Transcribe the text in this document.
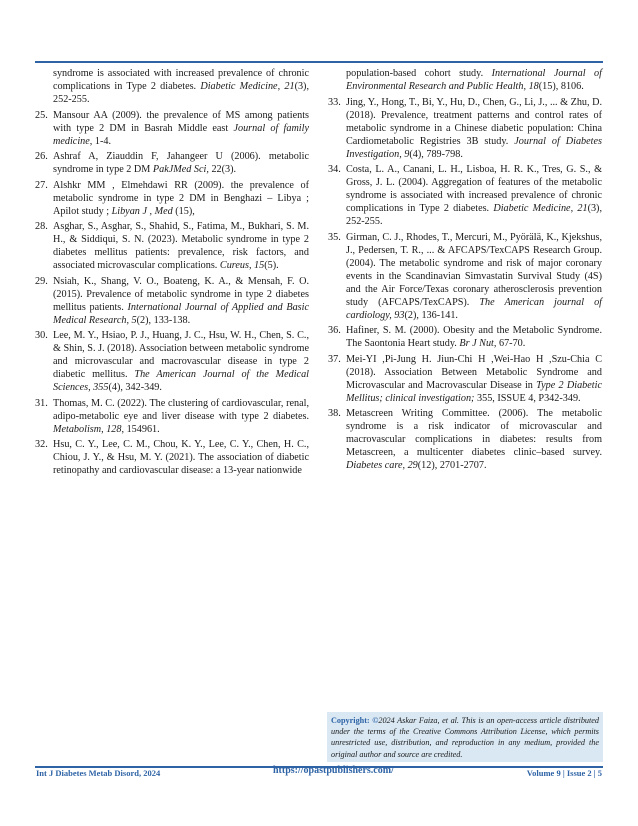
syndrome is associated with increased prevalence of chronic complications in Type 2 diabetes. Diabetic Medicine, 21(3), 252-255.
25. Mansour AA (2009). the prevalence of MS among patients with type 2 DM in Basrah Middle east Journal of family medicine, 1-4.
26. Ashraf A, Ziauddin F, Jahangeer U (2006). metabolic syndrome in type 2 DM PakJMed Sci, 22(3).
27. Alshkr MM , Elmehdawi RR (2009). the prevalence of metabolic syndrome in type 2 DM in Benghazi – Libya ; Apilot study ; Libyan J , Med (15),
28. Asghar, S., Asghar, S., Shahid, S., Fatima, M., Bukhari, S. M. H., & Siddiqui, S. N. (2023). Metabolic syndrome in type 2 diabetes mellitus patients: prevalence, risk factors, and associated microvascular complications. Cureus, 15(5).
29. Nsiah, K., Shang, V. O., Boateng, K. A., & Mensah, F. O. (2015). Prevalence of metabolic syndrome in type 2 diabetes mellitus patients. International Journal of Applied and Basic Medical Research, 5(2), 133-138.
30. Lee, M. Y., Hsiao, P. J., Huang, J. C., Hsu, W. H., Chen, S. C., & Shin, S. J. (2018). Association between metabolic syndrome and microvascular and macrovascular disease in type 2 diabetic mellitus. The American Journal of the Medical Sciences, 355(4), 342-349.
31. Thomas, M. C. (2022). The clustering of cardiovascular, renal, adipo-metabolic eye and liver disease with type 2 diabetes. Metabolism, 128, 154961.
32. Hsu, C. Y., Lee, C. M., Chou, K. Y., Lee, C. Y., Chen, H. C., Chiou, J. Y., & Hsu, M. Y. (2021). The association of diabetic retinopathy and cardiovascular disease: a 13-year nationwide
population-based cohort study. International Journal of Environmental Research and Public Health, 18(15), 8106.
33. Jing, Y., Hong, T., Bi, Y., Hu, D., Chen, G., Li, J., ... & Zhu, D. (2018). Prevalence, treatment patterns and control rates of metabolic syndrome in a Chinese diabetic population: China Cardiometabolic Registries 3B study. Journal of Diabetes Investigation, 9(4), 789-798.
34. Costa, L. A., Canani, L. H., Lisboa, H. R. K., Tres, G. S., & Gross, J. L. (2004). Aggregation of features of the metabolic syndrome is associated with increased prevalence of chronic complications in Type 2 diabetes. Diabetic Medicine, 21(3), 252-255.
35. Girman, C. J., Rhodes, T., Mercuri, M., Pyörälä, K., Kjekshus, J., Pedersen, T. R., ... & AFCAPS/TexCAPS Research Group. (2004). The metabolic syndrome and risk of major coronary events in the Scandinavian Simvastatin Survival Study (4S) and the Air Force/Texas coronary atherosclerosis prevention study (AFCAPS/TexCAPS). The American journal of cardiology, 93(2), 136-141.
36. Hafiner, S. M. (2000). Obesity and the Metabolic Syndrome. The Saontonia Heart study. Br J Nut, 67-70.
37. Mei-YI ,Pi-Jung H. Jiun-Chi H ,Wei-Hao H ,Szu-Chia C (2018). Association Between Metabolic Syndrome and Microvascular and Macrovascular Disease in Type 2 Diabetic Mellitus; clinical investigation; 355, ISSUE 4, P342-349.
38. Metascreen Writing Committee. (2006). The metabolic syndrome is a risk indicator of microvascular and macrovascular complications in diabetes: results from Metascreen, a multicenter diabetes clinic–based survey. Diabetes care, 29(12), 2701-2707.
Copyright: ©2024 Askar Faiza, et al. This is an open-access article distributed under the terms of the Creative Commons Attribution License, which permits unrestricted use, distribution, and reproduction in any medium, provided the original author and source are credited.
Int J Diabetes Metab Disord, 2024	https://opastpublishers.com/	Volume 9 | Issue 2 | 5
